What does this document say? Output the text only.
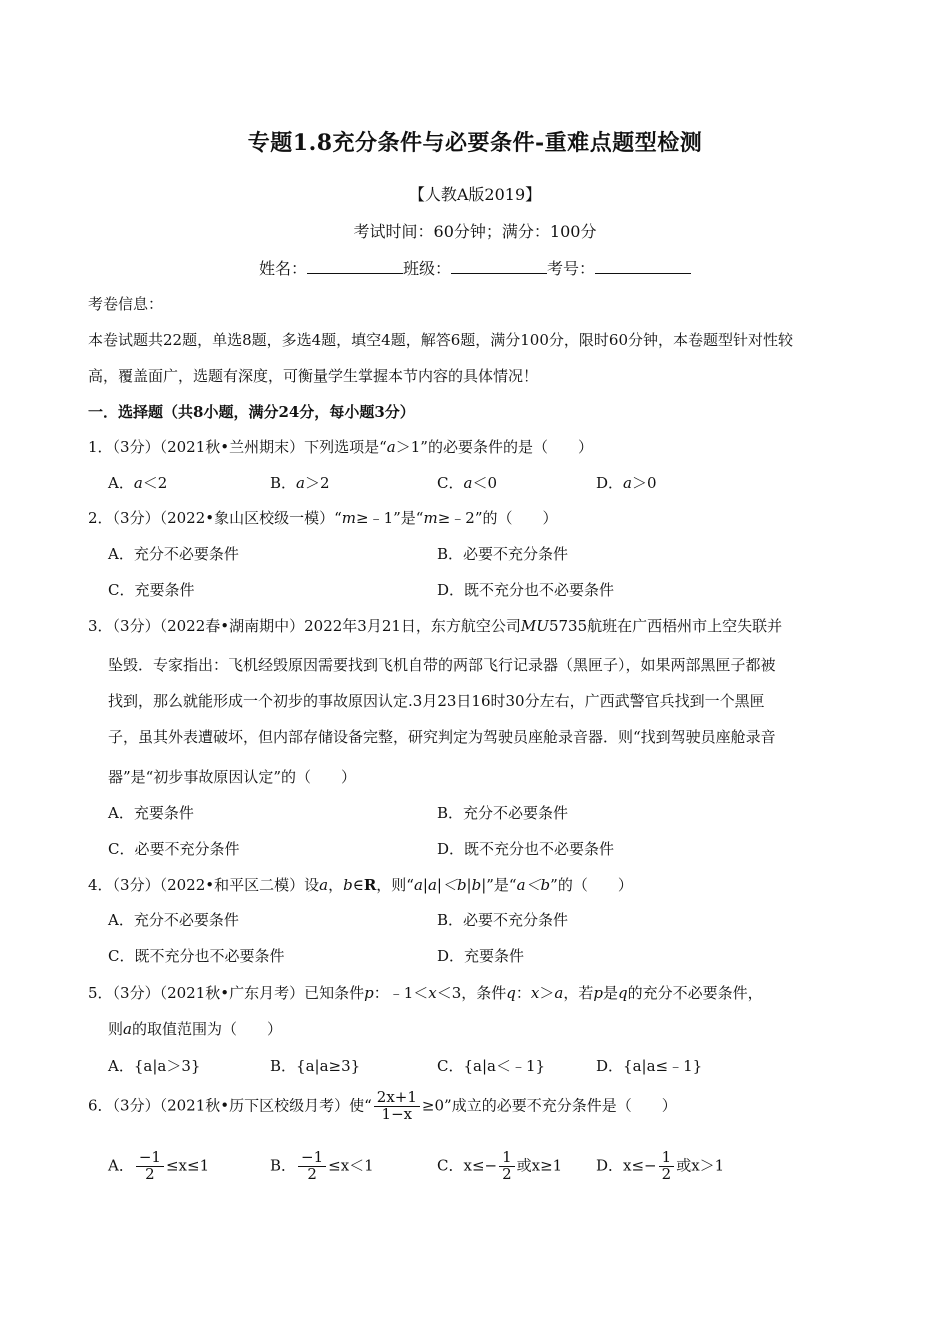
专题1.8充分条件与必要条件-重难点题型检测
【人教A版2019】
考试时间：60分钟；满分：100分
姓名：	班级：	考号：
考卷信息：
本卷试题共22题，单选8题，多选4题，填空4题，解答6题，满分100分，限时60分钟，本卷题型针对性较
高，覆盖面广，选题有深度，可衡量学生掌握本节内容的具体情况！
一．选择题（共8小题，满分24分，每小题3分）
1．（3分）（2021秋•兰州期末）下列选项是“a＞1”的必要条件的是（　　）
A．a＜2	B．a＞2	C．a＜0	D．a＞0
2．（3分）（2022•象山区校级一模）“m≥﹣1”是“m≥﹣2”的（　　）
A．充分不必要条件	B．必要不充分条件
C．充要条件	D．既不充分也不必要条件
3．（3分）（2022春•湖南期中）2022年3月21日，东方航空公司MU5735航班在广西梧州市上空失联并
坠毁．专家指出：飞机经毁原因需要找到飞机自带的两部飞行记录器（黑匣子），如果两部黑匣子都被
找到，那么就能形成一个初步的事故原因认定.3月23日16时30分左右，广西武警官兵找到一个黑匣
子，虽其外表遭破坏，但内部存储设备完整，研究判定为驾驶员座舱录音器．则“找到驾驶员座舱录音
器”是“初步事故原因认定”的（　　）
A．充要条件	B．充分不必要条件
C．必要不充分条件	D．既不充分也不必要条件
4．（3分）（2022•和平区二模）设a，b∈R，则“a|a|＜b|b|”是“a＜b”的（　　）
A．充分不必要条件	B．必要不充分条件
C．既不充分也不必要条件	D．充要条件
5．（3分）（2021秋•广东月考）已知条件p：﹣1＜x＜3，条件q：x＞a，若p是q的充分不必要条件，
则a的取值范围为（　　）
A．{a|a＞3}	B．{a|a≥3}	C．{a|a＜﹣1}	D．{a|a≤﹣1}
6．（3分）（2021秋•历下区校级月考）使“ $\frac{2x+1}{1-x} \ge 0$”成立的必要不充分条件是（　　）
A． $\frac{-1}{2} \le x\le 1$	B． $\frac{-1}{2} \le x<1$	C．$x\le- \frac{1}{2}$ 或x≥1 D．$x\le- \frac{1}{2}$ 或x＞1
